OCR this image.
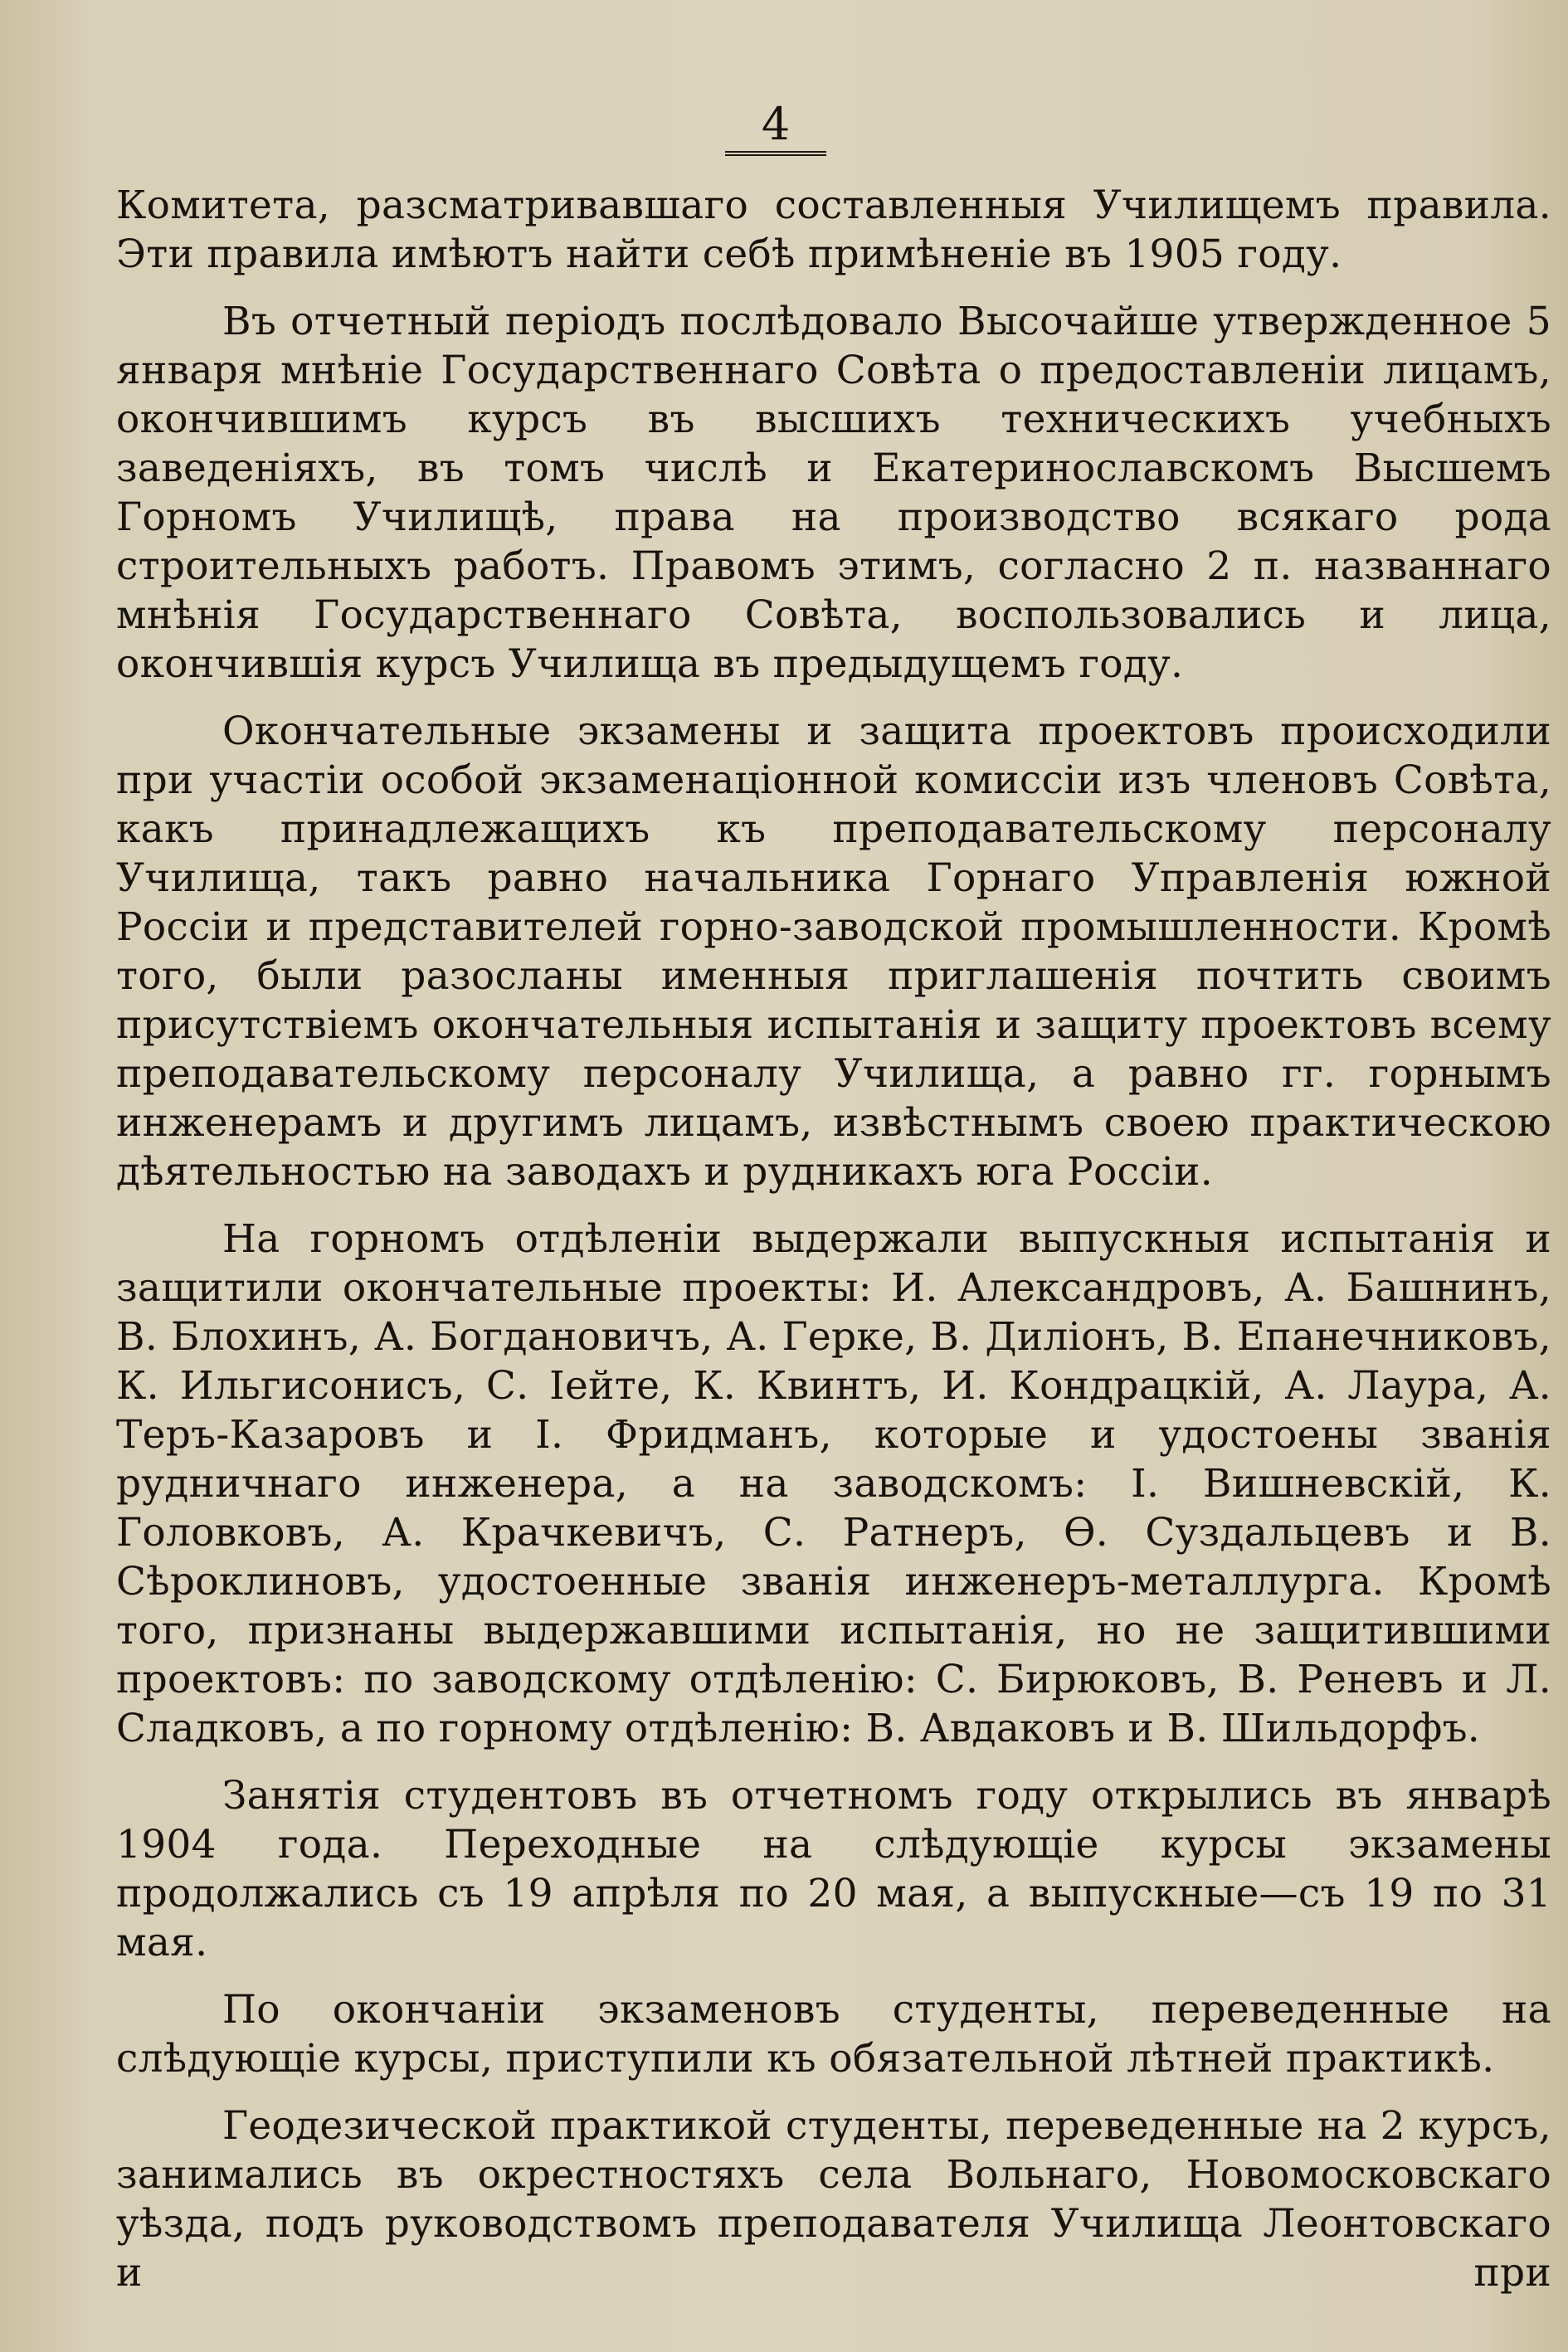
4

Комитета, разсматривавшаго составленныя Училищемъ правила. Эти правила имѣютъ найти себѣ примѣненіе въ 1905 году.

Въ отчетный періодъ послѣдовало Высочайше утвержденное 5 января мнѣніе Государственнаго Совѣта о предоставленіи лицамъ, окончившимъ курсъ въ высшихъ техническихъ учебныхъ заведеніяхъ, въ томъ числѣ и Екатеринославскомъ Высшемъ Горномъ Училищѣ, права на производство всякаго рода строительныхъ работъ. Правомъ этимъ, согласно 2 п. названнаго мнѣнія Государственнаго Совѣта, воспользовались и лица, окончившія курсъ Училища въ предыдущемъ году.

Окончательные экзамены и защита проектовъ происходили при участіи особой экзаменаціонной комиссіи изъ членовъ Совѣта, какъ принадлежащихъ къ преподавательскому персоналу Училища, такъ равно начальника Горнаго Управленія южной Россіи и представителей горно-заводской промышленности. Кромѣ того, были разосланы именныя приглашенія почтить своимъ присутствіемъ окончательныя испытанія и защиту проектовъ всему преподавательскому персоналу Училища, а равно гг. горнымъ инженерамъ и другимъ лицамъ, извѣстнымъ своею практическою дѣятельностью на заводахъ и рудникахъ юга Россіи.

На горномъ отдѣленіи выдержали выпускныя испытанія и защитили окончательные проекты: И. Александровъ, А. Башнинъ, В. Блохинъ, А. Богдановичъ, А. Герке, В. Диліонъ, В. Епанечниковъ, К. Ильгисонисъ, С. Іейте, К. Квинтъ, И. Кондрацкій, А. Лаура, А. Теръ-Казаровъ и І. Фридманъ, которые и удостоены званія рудничнаго инженера, а на заводскомъ: І. Вишневскій, К. Головковъ, А. Крачкевичъ, С. Ратнеръ, Ѳ. Суздальцевъ и В. Сѣроклиновъ, удостоенные званія инженеръ-металлурга. Кромѣ того, признаны выдержавшими испытанія, но не защитившими проектовъ: по заводскому отдѣленію: С. Бирюковъ, В. Реневъ и Л. Сладковъ, а по горному отдѣленію: В. Авдаковъ и В. Шильдорфъ.

Занятія студентовъ въ отчетномъ году открылись въ январѣ 1904 года. Переходные на слѣдующіе курсы экзамены продолжались съ 19 апрѣля по 20 мая, а выпускные—съ 19 по 31 мая.

По окончаніи экзаменовъ студенты, переведенные на слѣдующіе курсы, приступили къ обязательной лѣтней практикѣ.

Геодезической практикой студенты, переведенные на 2 курсъ, занимались въ окрестностяхъ села Вольнаго, Новомосковскаго уѣзда, подъ руководствомъ преподавателя Училища Леонтовскаго и при
